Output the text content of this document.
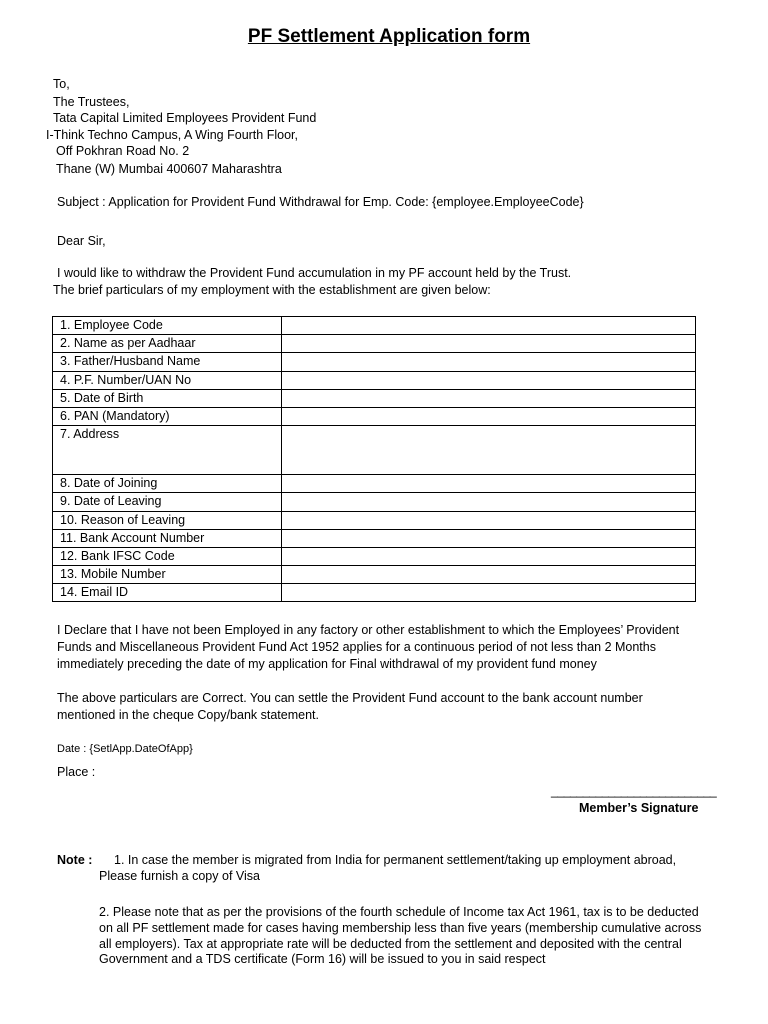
PF Settlement Application form
To,
The Trustees,
Tata Capital Limited Employees Provident Fund
I-Think Techno Campus, A Wing Fourth Floor,
Off Pokhran Road No. 2
Thane (W) Mumbai 400607 Maharashtra
Subject : Application for Provident Fund Withdrawal for Emp. Code: {employee.EmployeeCode}
Dear Sir,
I would like to withdraw the Provident Fund accumulation in my PF account held by the Trust.
The brief particulars of my employment with the establishment are given below:
1. Employee Code	
2. Name as per Aadhaar	
3. Father/Husband Name	
4. P.F. Number/UAN No	
5. Date of Birth	
6. PAN (Mandatory)	
7. Address	
8. Date of Joining	
9. Date of Leaving	
10. Reason of Leaving	
11. Bank Account Number	
12. Bank IFSC Code	
13. Mobile Number	
14. Email ID	
I Declare that I have not been Employed in any factory or other establishment to which the Employees’ Provident
Funds and Miscellaneous Provident Fund Act 1952 applies for a continuous period of not less than 2 Months
immediately preceding the date of my application for Final withdrawal of my provident fund money
The above particulars are Correct. You can settle the Provident Fund account to the bank account number
mentioned in the cheque Copy/bank statement.
Date : {SetlApp.DateOfApp}
Place :
__________________________
Member’s Signature
Note : 1. In case the member is migrated from India for permanent settlement/taking up employment abroad,
Please furnish a copy of Visa
2. Please note that as per the provisions of the fourth schedule of Income tax Act 1961, tax is to be deducted
on all PF settlement made for cases having membership less than five years (membership cumulative across
all employers). Tax at appropriate rate will be deducted from the settlement and deposited with the central
Government and a TDS certificate (Form 16) will be issued to you in said respect
